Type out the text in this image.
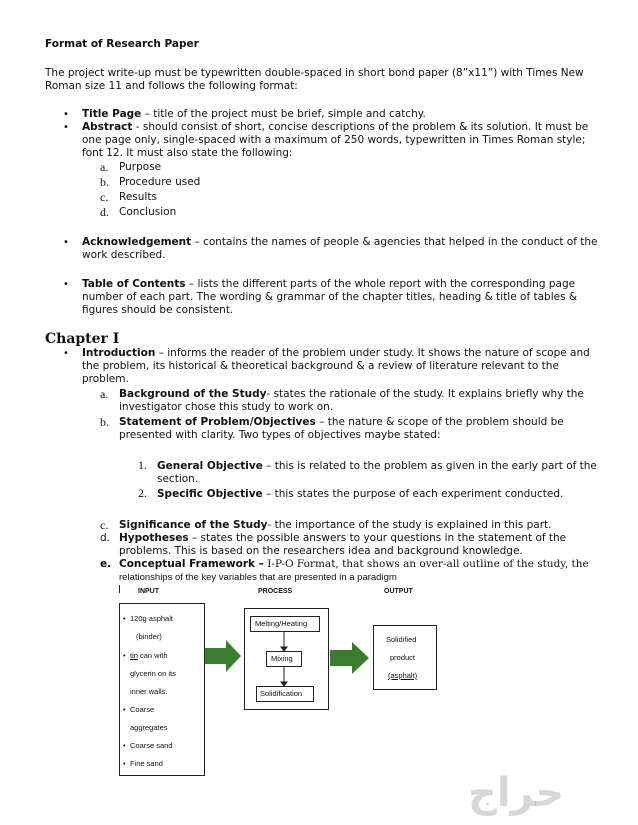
Format of Research Paper
The project write-up must be typewritten double-spaced in short bond paper (8”x11”) with Times New
Roman size 11 and follows the following format:
• Title Page – title of the project must be brief, simple and catchy.
• Abstract - should consist of short, concise descriptions of the problem & its solution. It must be
one page only, single-spaced with a maximum of 250 words, typewritten in Times Roman style;
font 12. It must also state the following:
a. Purpose
b. Procedure used
c. Results
d. Conclusion
• Acknowledgement – contains the names of people & agencies that helped in the conduct of the
work described.
• Table of Contents – lists the different parts of the whole report with the corresponding page
number of each part. The wording & grammar of the chapter titles, heading & title of tables &
figures should be consistent.
Chapter I
• Introduction – informs the reader of the problem under study. It shows the nature of scope and
the problem, its historical & theoretical background & a review of literature relevant to the
problem.
a. Background of the Study- states the rationale of the study. It explains briefly why the
investigator chose this study to work on.
b. Statement of Problem/Objectives – the nature & scope of the problem should be
presented with clarity. Two types of objectives maybe stated:
1. General Objective – this is related to the problem as given in the early part of the
section.
2. Specific Objective – this states the purpose of each experiment conducted.
c. Significance of the Study- the importance of the study is explained in this part.
d. Hypotheses – states the possible answers to your questions in the statement of the
problems. This is based on the researchers idea and background knowledge.
e. Conceptual Framework – I-P-O Format, that shows an over-all outline of the study, the
relationships of the key variables that are presented in a paradigm
INPUT	PROCESS	OUTPUT
• 120g asphalt
(binder)
• tin can with
glycerin on its
inner walls.
• Coarse
aggregates
• Coarse sand
• Fine sand
Melting/Heating
Mixing
Solidification
Solidified
product
(asphalt)
حراج
